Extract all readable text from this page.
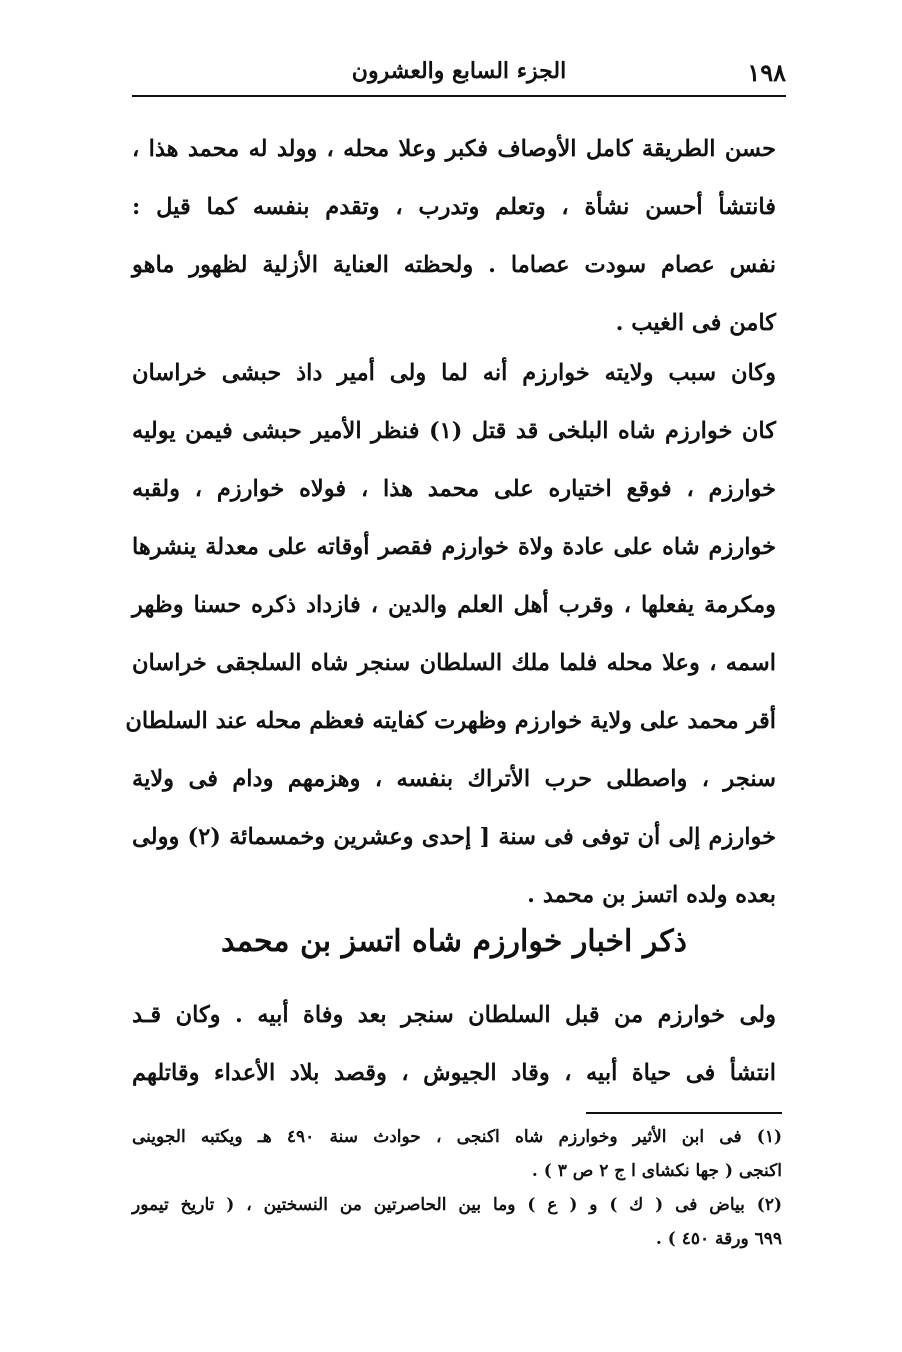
١٩٨
الجزء السابع والعشرون

حسن الطريقة كامل الأوصاف فكبر وعلا محله ، وولد له محمد هذا ،
فانتشأ أحسن نشأة ، وتعلم وتدرب ، وتقدم بنفسه كما قيل :
نفس عصام سودت عصاما . ولحظته العناية الأزلية لظهور ماهو
كامن فى الغيب .

وكان سبب ولايته خوارزم أنه لما ولى أمير داذ حبشى خراسان
كان خوارزم شاه البلخى قد قتل (١) فنظر الأمير حبشى فيمن يوليه
خوارزم ، فوقع اختياره على محمد هذا ، فولاه خوارزم ، ولقبه
خوارزم شاه على عادة ولاة خوارزم فقصر أوقاته على معدلة ينشرها
ومكرمة يفعلها ، وقرب أهل العلم والدين ، فازداد ذكره حسنا وظهر
اسمه ، وعلا محله فلما ملك السلطان سنجر شاه السلجقى خراسان
أقر محمد على ولاية خوارزم وظهرت كفايته فعظم محله عند السلطان
سنجر ، واصطلى حرب الأتراك بنفسه ، وهزمهم ودام فى ولاية
خوارزم إلى أن توفى فى سنة [ إحدى وعشرين وخمسمائة (٢) وولى
بعده ولده اتسز بن محمد .

ذكر اخبار خوارزم شاه اتسز بن محمد

ولى خوارزم من قبل السلطان سنجر بعد وفاة أبيه . وكان قـد
انتشأ فى حياة أبيه ، وقاد الجيوش ، وقصد بلاد الأعداء وقاتلهم

(١) فى ابن الأثير وخوارزم شاه اكنجى ، حوادث سنة ٤٩٠ هـ ويكتبه الجوينى
اكنجى ( جها نكشاى ا ج ٢ ص ٣ ) .
(٢) بياض فى ( ك ) و ( ع ) وما بين الحاصرتين من النسختين ، ( تاريخ تيمور
٦٩٩ ورقة ٤٥٠ ) .
